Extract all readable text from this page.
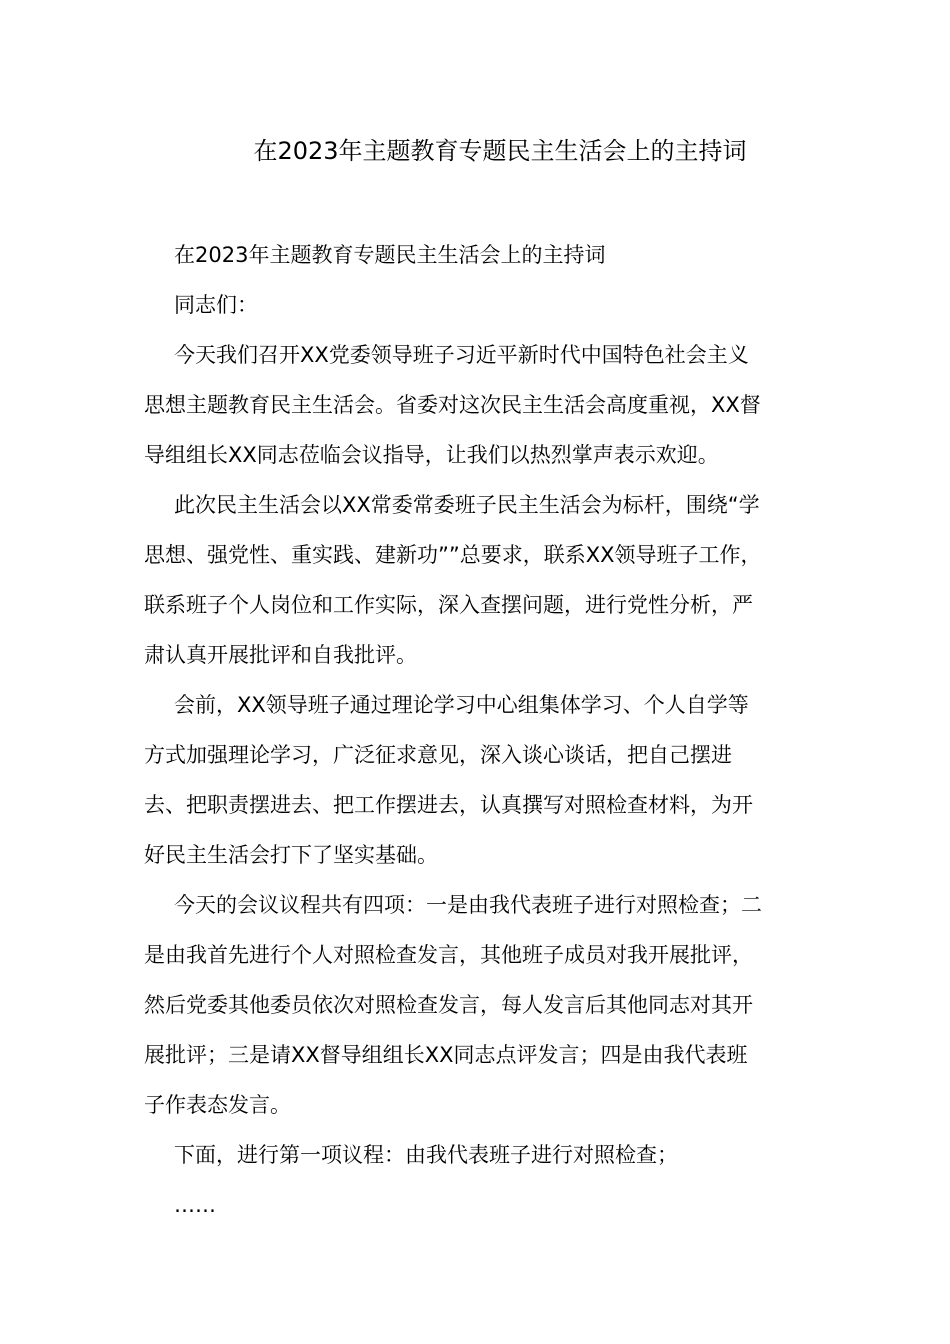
在2023年主题教育专题民主生活会上的主持词
在2023年主题教育专题民主生活会上的主持词
同志们：
今天我们召开XX党委领导班子习近平新时代中国特色社会主义
思想主题教育民主生活会。省委对这次民主生活会高度重视，XX督
导组组长XX同志莅临会议指导，让我们以热烈掌声表示欢迎。
此次民主生活会以XX常委常委班子民主生活会为标杆，围绕“学
思想、强党性、重实践、建新功””总要求，联系XX领导班子工作，
联系班子个人岗位和工作实际，深入查摆问题，进行党性分析，严
肃认真开展批评和自我批评。
会前，XX领导班子通过理论学习中心组集体学习、个人自学等
方式加强理论学习，广泛征求意见，深入谈心谈话，把自己摆进
去、把职责摆进去、把工作摆进去，认真撰写对照检查材料，为开
好民主生活会打下了坚实基础。
今天的会议议程共有四项：一是由我代表班子进行对照检查；二
是由我首先进行个人对照检查发言，其他班子成员对我开展批评，
然后党委其他委员依次对照检查发言，每人发言后其他同志对其开
展批评；三是请XX督导组组长XX同志点评发言；四是由我代表班
子作表态发言。
下面，进行第一项议程：由我代表班子进行对照检查；
……
